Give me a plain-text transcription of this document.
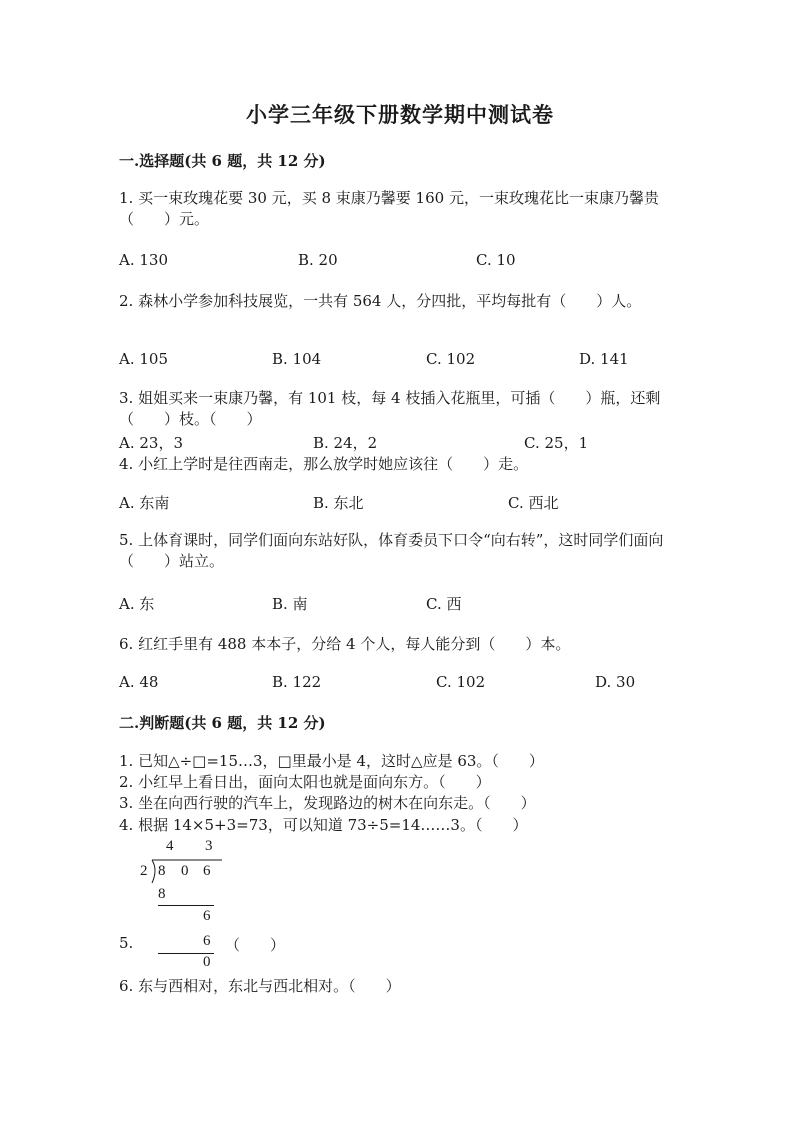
小学三年级下册数学期中测试卷
一.选择题(共 6 题，共 12 分)
1. 买一束玫瑰花要 30 元，买 8 束康乃馨要 160 元，一束玫瑰花比一束康乃馨贵（　　）元。
A. 130	B. 20	C. 10
2. 森林小学参加科技展览，一共有 564 人，分四批，平均每批有（　　）人。
A. 105	B. 104	C. 102	D. 141
3. 姐姐买来一束康乃馨，有 101 枝，每 4 枝插入花瓶里，可插（　　）瓶，还剩（　　）枝。（　　）
A. 23，3	B. 24，2	C. 25，1
4. 小红上学时是往西南走，那么放学时她应该往（　　）走。
A. 东南	B. 东北	C. 西北
5. 上体育课时，同学们面向东站好队，体育委员下口令“向右转”，这时同学们面向（　　）站立。
A. 东	B. 南	C. 西
6. 红红手里有 488 本本子，分给 4 个人，每人能分到（　　）本。
A. 48	B. 122	C. 102	D. 30
二.判断题(共 6 题，共 12 分)
1. 已知△÷□=15…3，□里最小是 4，这时△应是 63。（　　）
2. 小红早上看日出，面向太阳也就是面向东方。（　　）
3. 坐在向西行驶的汽车上，发现路边的树木在向东走。（　　）
4. 根据 14×5+3=73，可以知道 73÷5=14……3。（　　）
4 3
2 8 0 6
8
6
6
0
5.	（　　）
6. 东与西相对，东北与西北相对。（　　）
